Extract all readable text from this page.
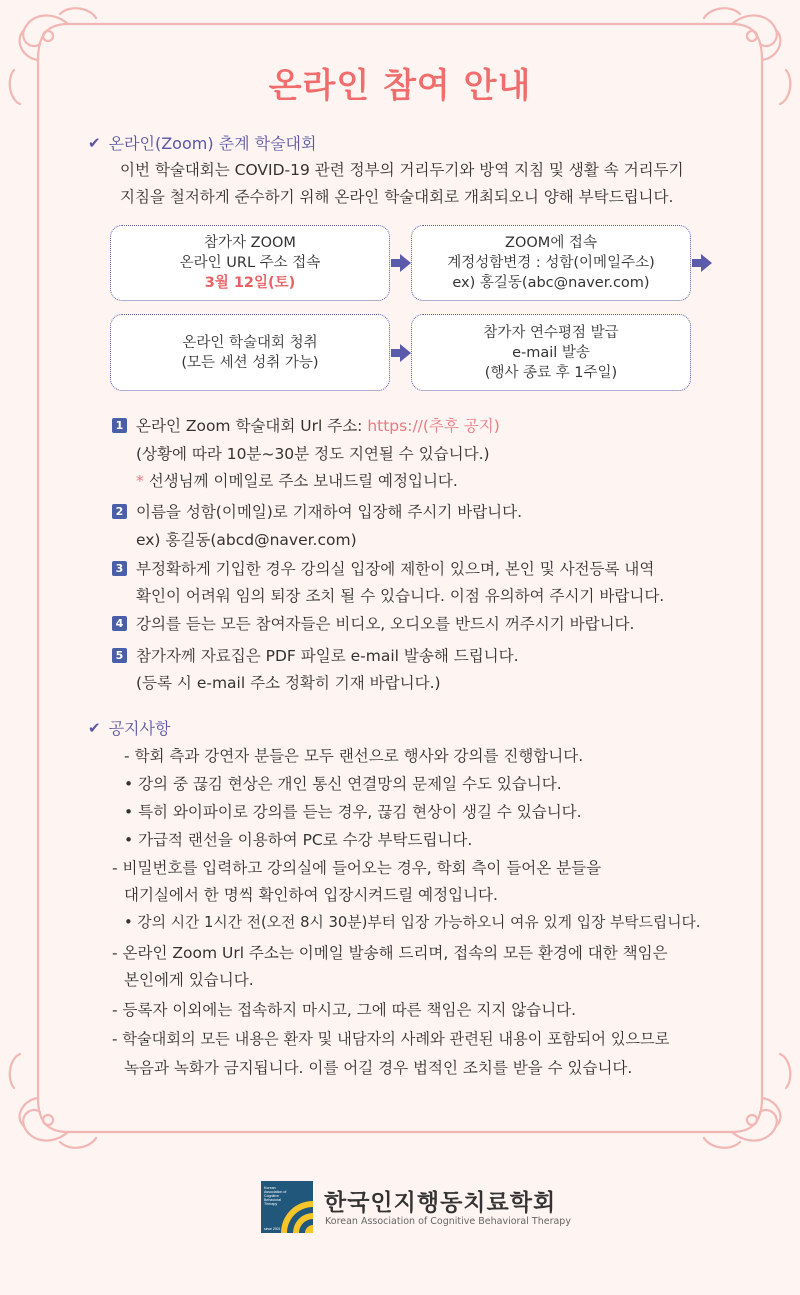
온라인 참여 안내
✔ 온라인(Zoom) 춘계 학술대회

이번 학술대회는 COVID-19 관련 정부의 거리두기와 방역 지침 및 생활 속 거리두기
지침을 철저하게 준수하기 위해 온라인 학술대회로 개최되오니 양해 부탁드립니다.

참가자 ZOOM
온라인 URL 주소 접속
3월 12일(토)
ZOOM에 접속
계정성함변경 : 성함(이메일주소)
ex) 홍길동(abc@naver.com)
온라인 학술대회 청취
(모든 세션 성취 가능)
참가자 연수평점 발급
e-mail 발송
(행사 종료 후 1주일)
1 온라인 Zoom 학술대회 Url 주소: https://(추후 공지)
(상황에 따라 10분~30분 정도 지연될 수 있습니다.)
* 선생님께 이메일로 주소 보내드릴 예정입니다.
2 이름을 성함(이메일)로 기재하여 입장해 주시기 바랍니다.
ex) 홍길동(abcd@naver.com)
3 부정확하게 기입한 경우 강의실 입장에 제한이 있으며, 본인 및 사전등록 내역
확인이 어려워 임의 퇴장 조치 될 수 있습니다. 이점 유의하여 주시기 바랍니다.
4 강의를 듣는 모든 참여자들은 비디오, 오디오를 반드시 꺼주시기 바랍니다.
5 참가자께 자료집은 PDF 파일로 e-mail 발송해 드립니다.
(등록 시 e-mail 주소 정확히 기재 바랍니다.)
✔ 공지사항
- 학회 측과 강연자 분들은 모두 랜선으로 행사와 강의를 진행합니다.
• 강의 중 끊김 현상은 개인 통신 연결망의 문제일 수도 있습니다.
• 특히 와이파이로 강의를 듣는 경우, 끊김 현상이 생길 수 있습니다.
• 가급적 랜선을 이용하여 PC로 수강 부탁드립니다.
- 비밀번호를 입력하고 강의실에 들어오는 경우, 학회 측이 들어온 분들을
대기실에서 한 명씩 확인하여 입장시켜드릴 예정입니다.
• 강의 시간 1시간 전(오전 8시 30분)부터 입장 가능하오니 여유 있게 입장 부탁드립니다.
- 온라인 Zoom Url 주소는 이메일 발송해 드리며, 접속의 모든 환경에 대한 책임은
본인에게 있습니다.
- 등록자 이외에는 접속하지 마시고, 그에 따른 책임은 지지 않습니다.
- 학술대회의 모든 내용은 환자 및 내담자의 사례와 관련된 내용이 포함되어 있으므로
녹음과 녹화가 금지됩니다. 이를 어길 경우 법적인 조치를 받을 수 있습니다.
Korean
Association of
Cognitive
Behavioral
Therapy
since 2001
한국인지행동치료학회
Korean Association of Cognitive Behavioral Therapy
